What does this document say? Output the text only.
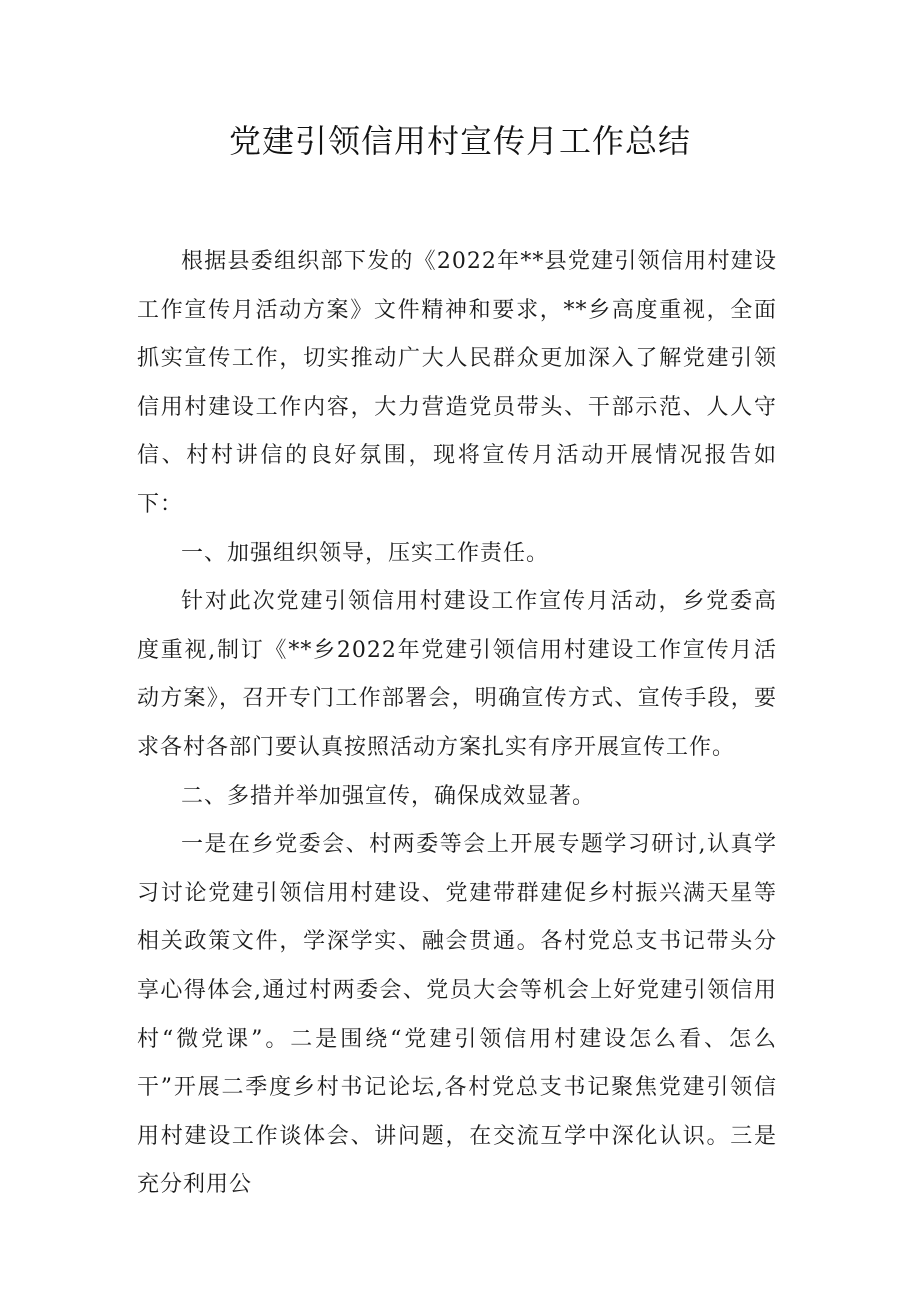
党建引领信用村宣传月工作总结

根据县委组织部下发的《2022年**县党建引领信用村建设工作宣传月活动方案》文件精神和要求，**乡高度重视，全面抓实宣传工作，切实推动广大人民群众更加深入了解党建引领信用村建设工作内容，大力营造党员带头、干部示范、人人守信、村村讲信的良好氛围，现将宣传月活动开展情况报告如下：

一、加强组织领导，压实工作责任。

针对此次党建引领信用村建设工作宣传月活动，乡党委高度重视,制订《**乡2022年党建引领信用村建设工作宣传月活动方案》，召开专门工作部署会，明确宣传方式、宣传手段，要求各村各部门要认真按照活动方案扎实有序开展宣传工作。

二、多措并举加强宣传，确保成效显著。

一是在乡党委会、村两委等会上开展专题学习研讨,认真学习讨论党建引领信用村建设、党建带群建促乡村振兴满天星等相关政策文件，学深学实、融会贯通。各村党总支书记带头分享心得体会,通过村两委会、党员大会等机会上好党建引领信用村“微党课”。二是围绕“党建引领信用村建设怎么看、怎么干”开展二季度乡村书记论坛,各村党总支书记聚焦党建引领信用村建设工作谈体会、讲问题，在交流互学中深化认识。三是充分利用公
